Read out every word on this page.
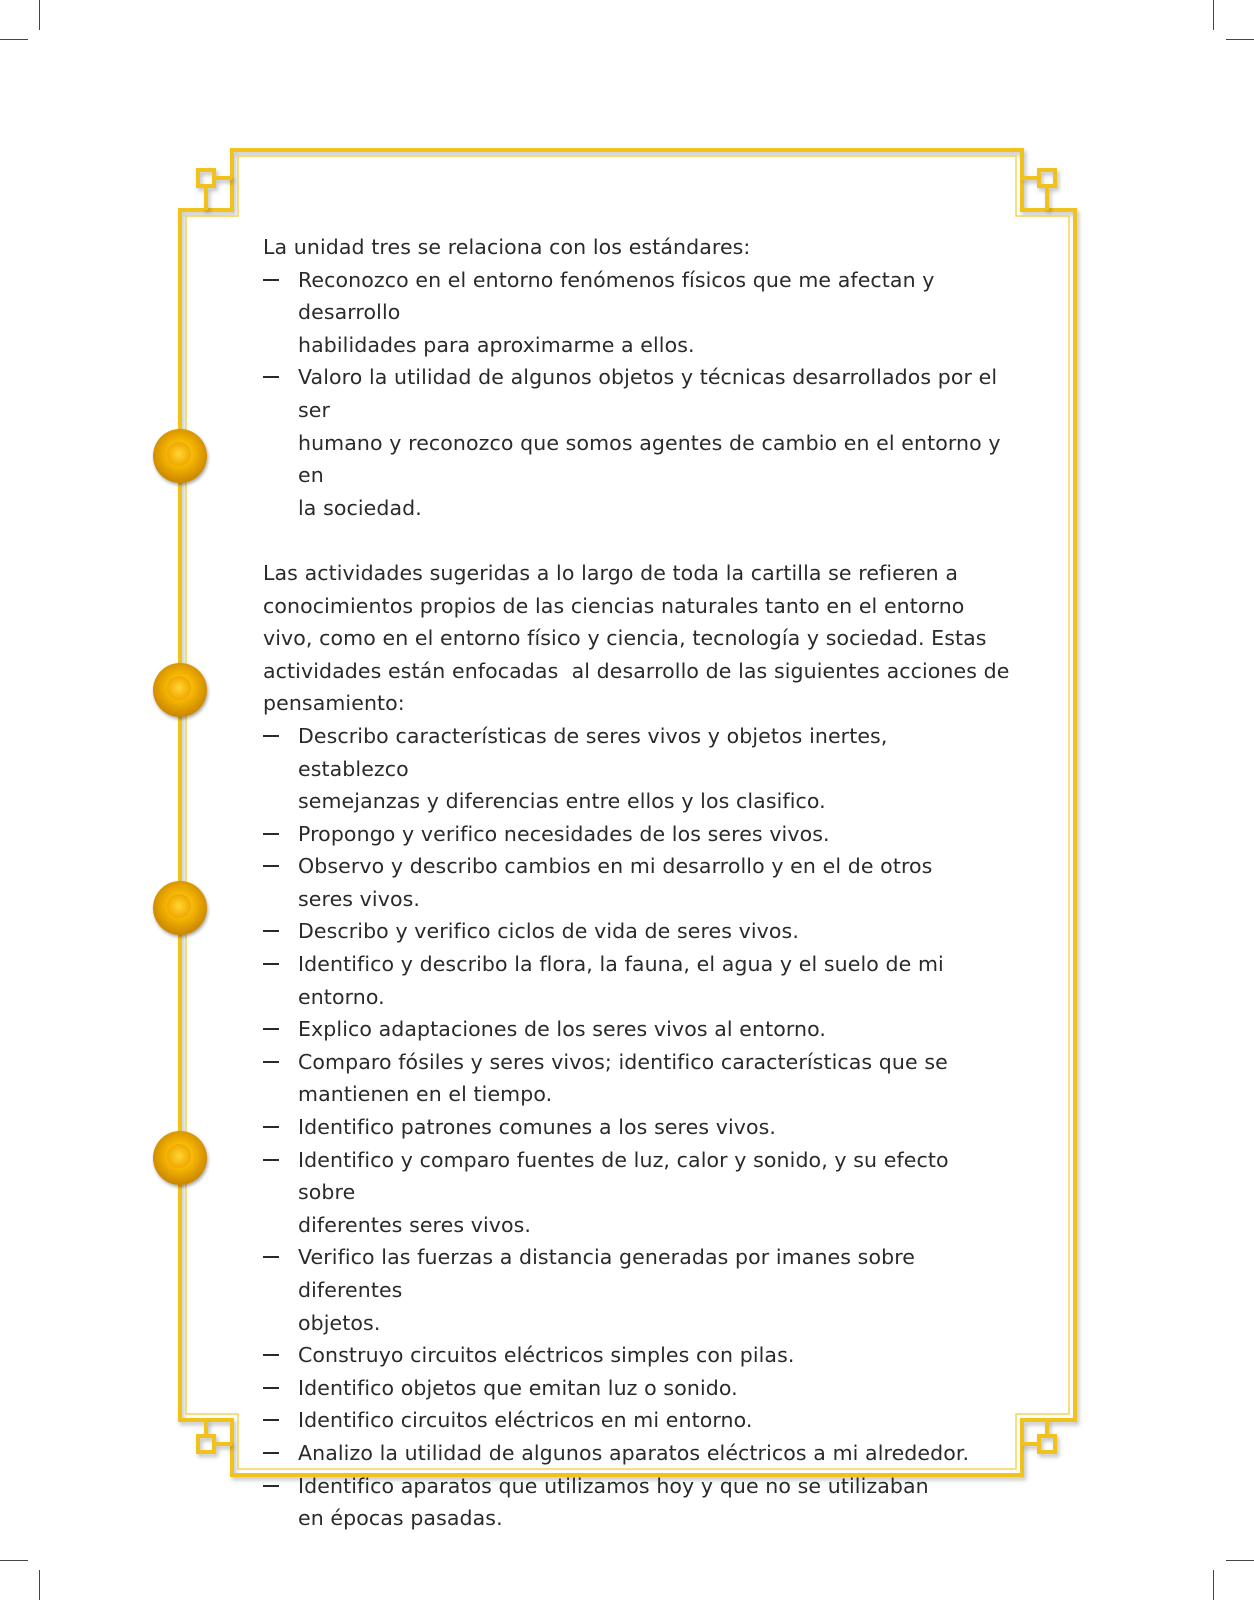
La unidad tres se relaciona con los estándares:

Reconozco en el entorno fenómenos físicos que me afectan y desarrollo
habilidades para aproximarme a ellos.
Valoro la utilidad de algunos objetos y técnicas desarrollados por el ser
humano y reconozco que somos agentes de cambio en el entorno y en
la sociedad.
Las actividades sugeridas a lo largo de toda la cartilla se refieren a
conocimientos propios de las ciencias naturales tanto en el entorno
vivo, como en el entorno físico y ciencia, tecnología y sociedad. Estas
actividades están enfocadas  al desarrollo de las siguientes acciones de
pensamiento:
Describo características de seres vivos y objetos inertes, establezco
semejanzas y diferencias entre ellos y los clasifico.
Propongo y verifico necesidades de los seres vivos.
Observo y describo cambios en mi desarrollo y en el de otros
seres vivos.
Describo y verifico ciclos de vida de seres vivos.
Identifico y describo la flora, la fauna, el agua y el suelo de mi entorno.
Explico adaptaciones de los seres vivos al entorno.
Comparo fósiles y seres vivos; identifico características que se
mantienen en el tiempo.
Identifico patrones comunes a los seres vivos.
Identifico y comparo fuentes de luz, calor y sonido, y su efecto sobre
diferentes seres vivos.
Verifico las fuerzas a distancia generadas por imanes sobre diferentes
objetos.
Construyo circuitos eléctricos simples con pilas.
Identifico objetos que emitan luz o sonido.
Identifico circuitos eléctricos en mi entorno.
Analizo la utilidad de algunos aparatos eléctricos a mi alrededor.
Identifico aparatos que utilizamos hoy y que no se utilizaban
en épocas pasadas.
